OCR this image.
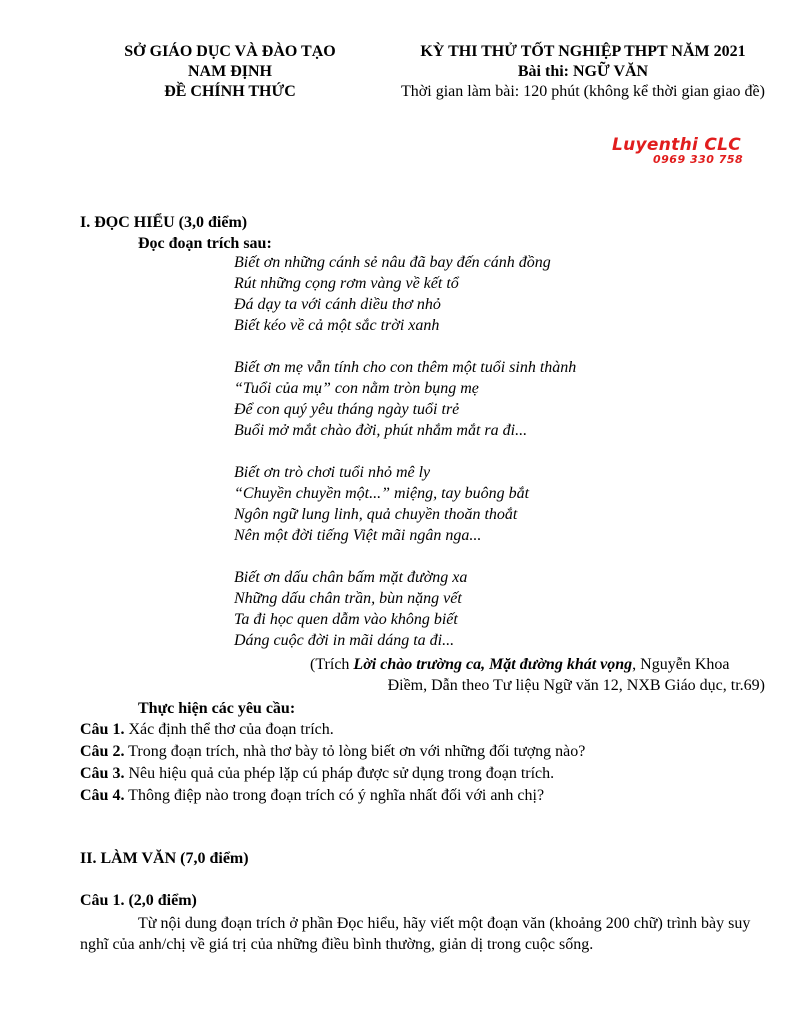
SỞ GIÁO DỤC VÀ ĐÀO TẠO
NAM ĐỊNH
ĐỀ CHÍNH THỨC
KỲ THI THỬ TỐT NGHIỆP THPT NĂM 2021
Bài thi: NGỮ VĂN
Thời gian làm bài: 120 phút (không kể thời gian giao đề)
Luyenthi CLC
0969 330 758
I. ĐỌC HIỂU (3,0 điểm)
Đọc đoạn trích sau:
Biết ơn những cánh sẻ nâu đã bay đến cánh đồng
Rút những cọng rơm vàng về kết tổ
Đá dạy ta với cánh diều thơ nhỏ
Biết kéo về cả một sắc trời xanh
Biết ơn mẹ vẫn tính cho con thêm một tuổi sinh thành
“Tuổi của mụ” con nằm tròn bụng mẹ
Để con quý yêu tháng ngày tuổi trẻ
Buổi mở mắt chào đời, phút nhắm mắt ra đi...
Biết ơn trò chơi tuổi nhỏ mê ly
“Chuyền chuyền một...” miệng, tay buông bắt
Ngôn ngữ lung linh, quả chuyền thoăn thoắt
Nên một đời tiếng Việt mãi ngân nga...
Biết ơn dấu chân bấm mặt đường xa
Những dấu chân trần, bùn nặng vết
Ta đi học quen dẫm vào không biết
Dáng cuộc đời in mãi dáng ta đi...
(Trích Lời chào trường ca, Mặt đường khát vọng, Nguyễn Khoa
Điềm, Dẫn theo Tư liệu Ngữ văn 12, NXB Giáo dục, tr.69)
Thực hiện các yêu cầu:
Câu 1. Xác định thể thơ của đoạn trích.
Câu 2. Trong đoạn trích, nhà thơ bày tỏ lòng biết ơn với những đối tượng nào?
Câu 3. Nêu hiệu quả của phép lặp cú pháp được sử dụng trong đoạn trích.
Câu 4. Thông điệp nào trong đoạn trích có ý nghĩa nhất đối với anh chị?
II. LÀM VĂN (7,0 điểm)
Câu 1. (2,0 điểm)
Từ nội dung đoạn trích ở phần Đọc hiểu, hãy viết một đoạn văn (khoảng 200 chữ) trình bày suy nghĩ của anh/chị về giá trị của những điều bình thường, giản dị trong cuộc sống.
